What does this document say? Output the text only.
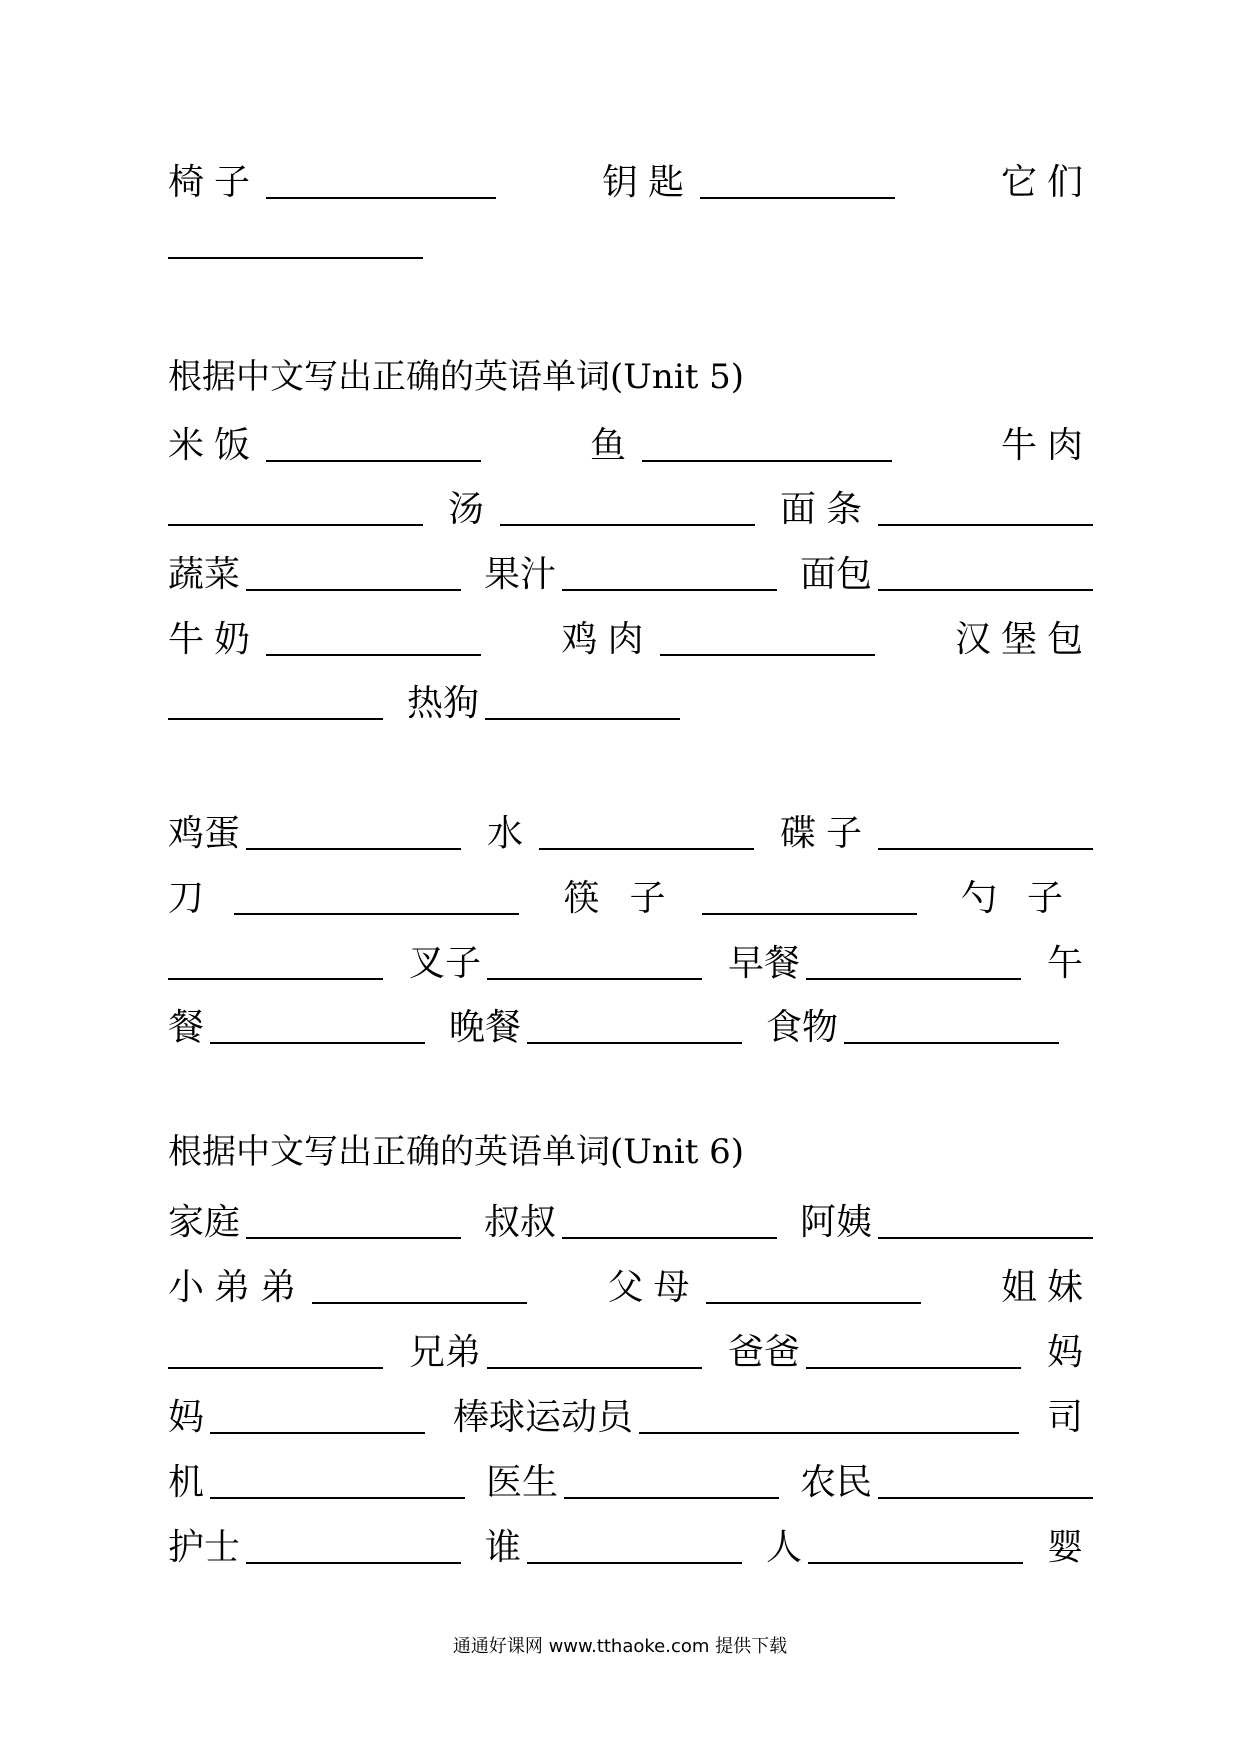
椅子	钥匙	它们
根据中文写出正确的英语单词(Unit 5)
米饭	鱼	牛肉
汤	面条
蔬菜	果汁	面包
牛奶	鸡肉	汉堡包
热狗
鸡蛋	水	碟子
刀	筷子	勺子
叉子	早餐	午
餐	晚餐	食物
根据中文写出正确的英语单词(Unit 6)
家庭	叔叔	阿姨
小弟弟	父母	姐妹
兄弟	爸爸	妈
妈	棒球运动员	司
机	医生	农民
护士	谁	人	婴
通通好课网 www.tthaoke.com 提供下载
